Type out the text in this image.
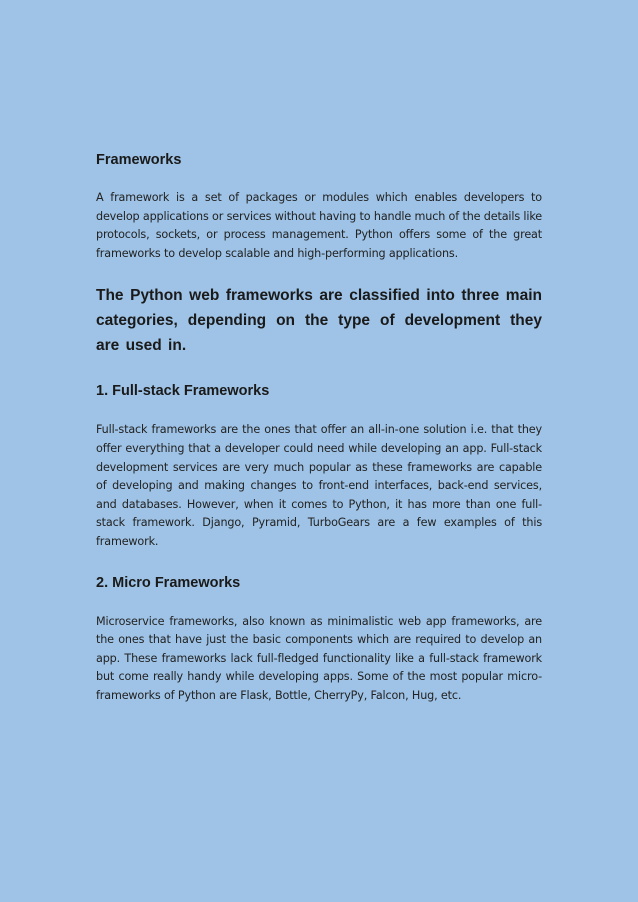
Frameworks

A framework is a set of packages or modules which enables developers to develop applications or services without having to handle much of the details like protocols, sockets, or process management. Python offers some of the great frameworks to develop scalable and high-performing applications.

The Python web frameworks are classified into three main categories, depending on the type of development they are used in.
1. Full-stack Frameworks

Full-stack frameworks are the ones that offer an all-in-one solution i.e. that they offer everything that a developer could need while developing an app. Full-stack development services are very much popular as these frameworks are capable of developing and making changes to front-end interfaces, back-end services, and databases. However, when it comes to Python, it has more than one full-stack framework. Django, Pyramid, TurboGears are a few examples of this framework.

2. Micro Frameworks

Microservice frameworks, also known as minimalistic web app frameworks, are the ones that have just the basic components which are required to develop an app. These frameworks lack full-fledged functionality like a full-stack framework but come really handy while developing apps. Some of the most popular micro-frameworks of Python are Flask, Bottle, CherryPy, Falcon, Hug, etc.
